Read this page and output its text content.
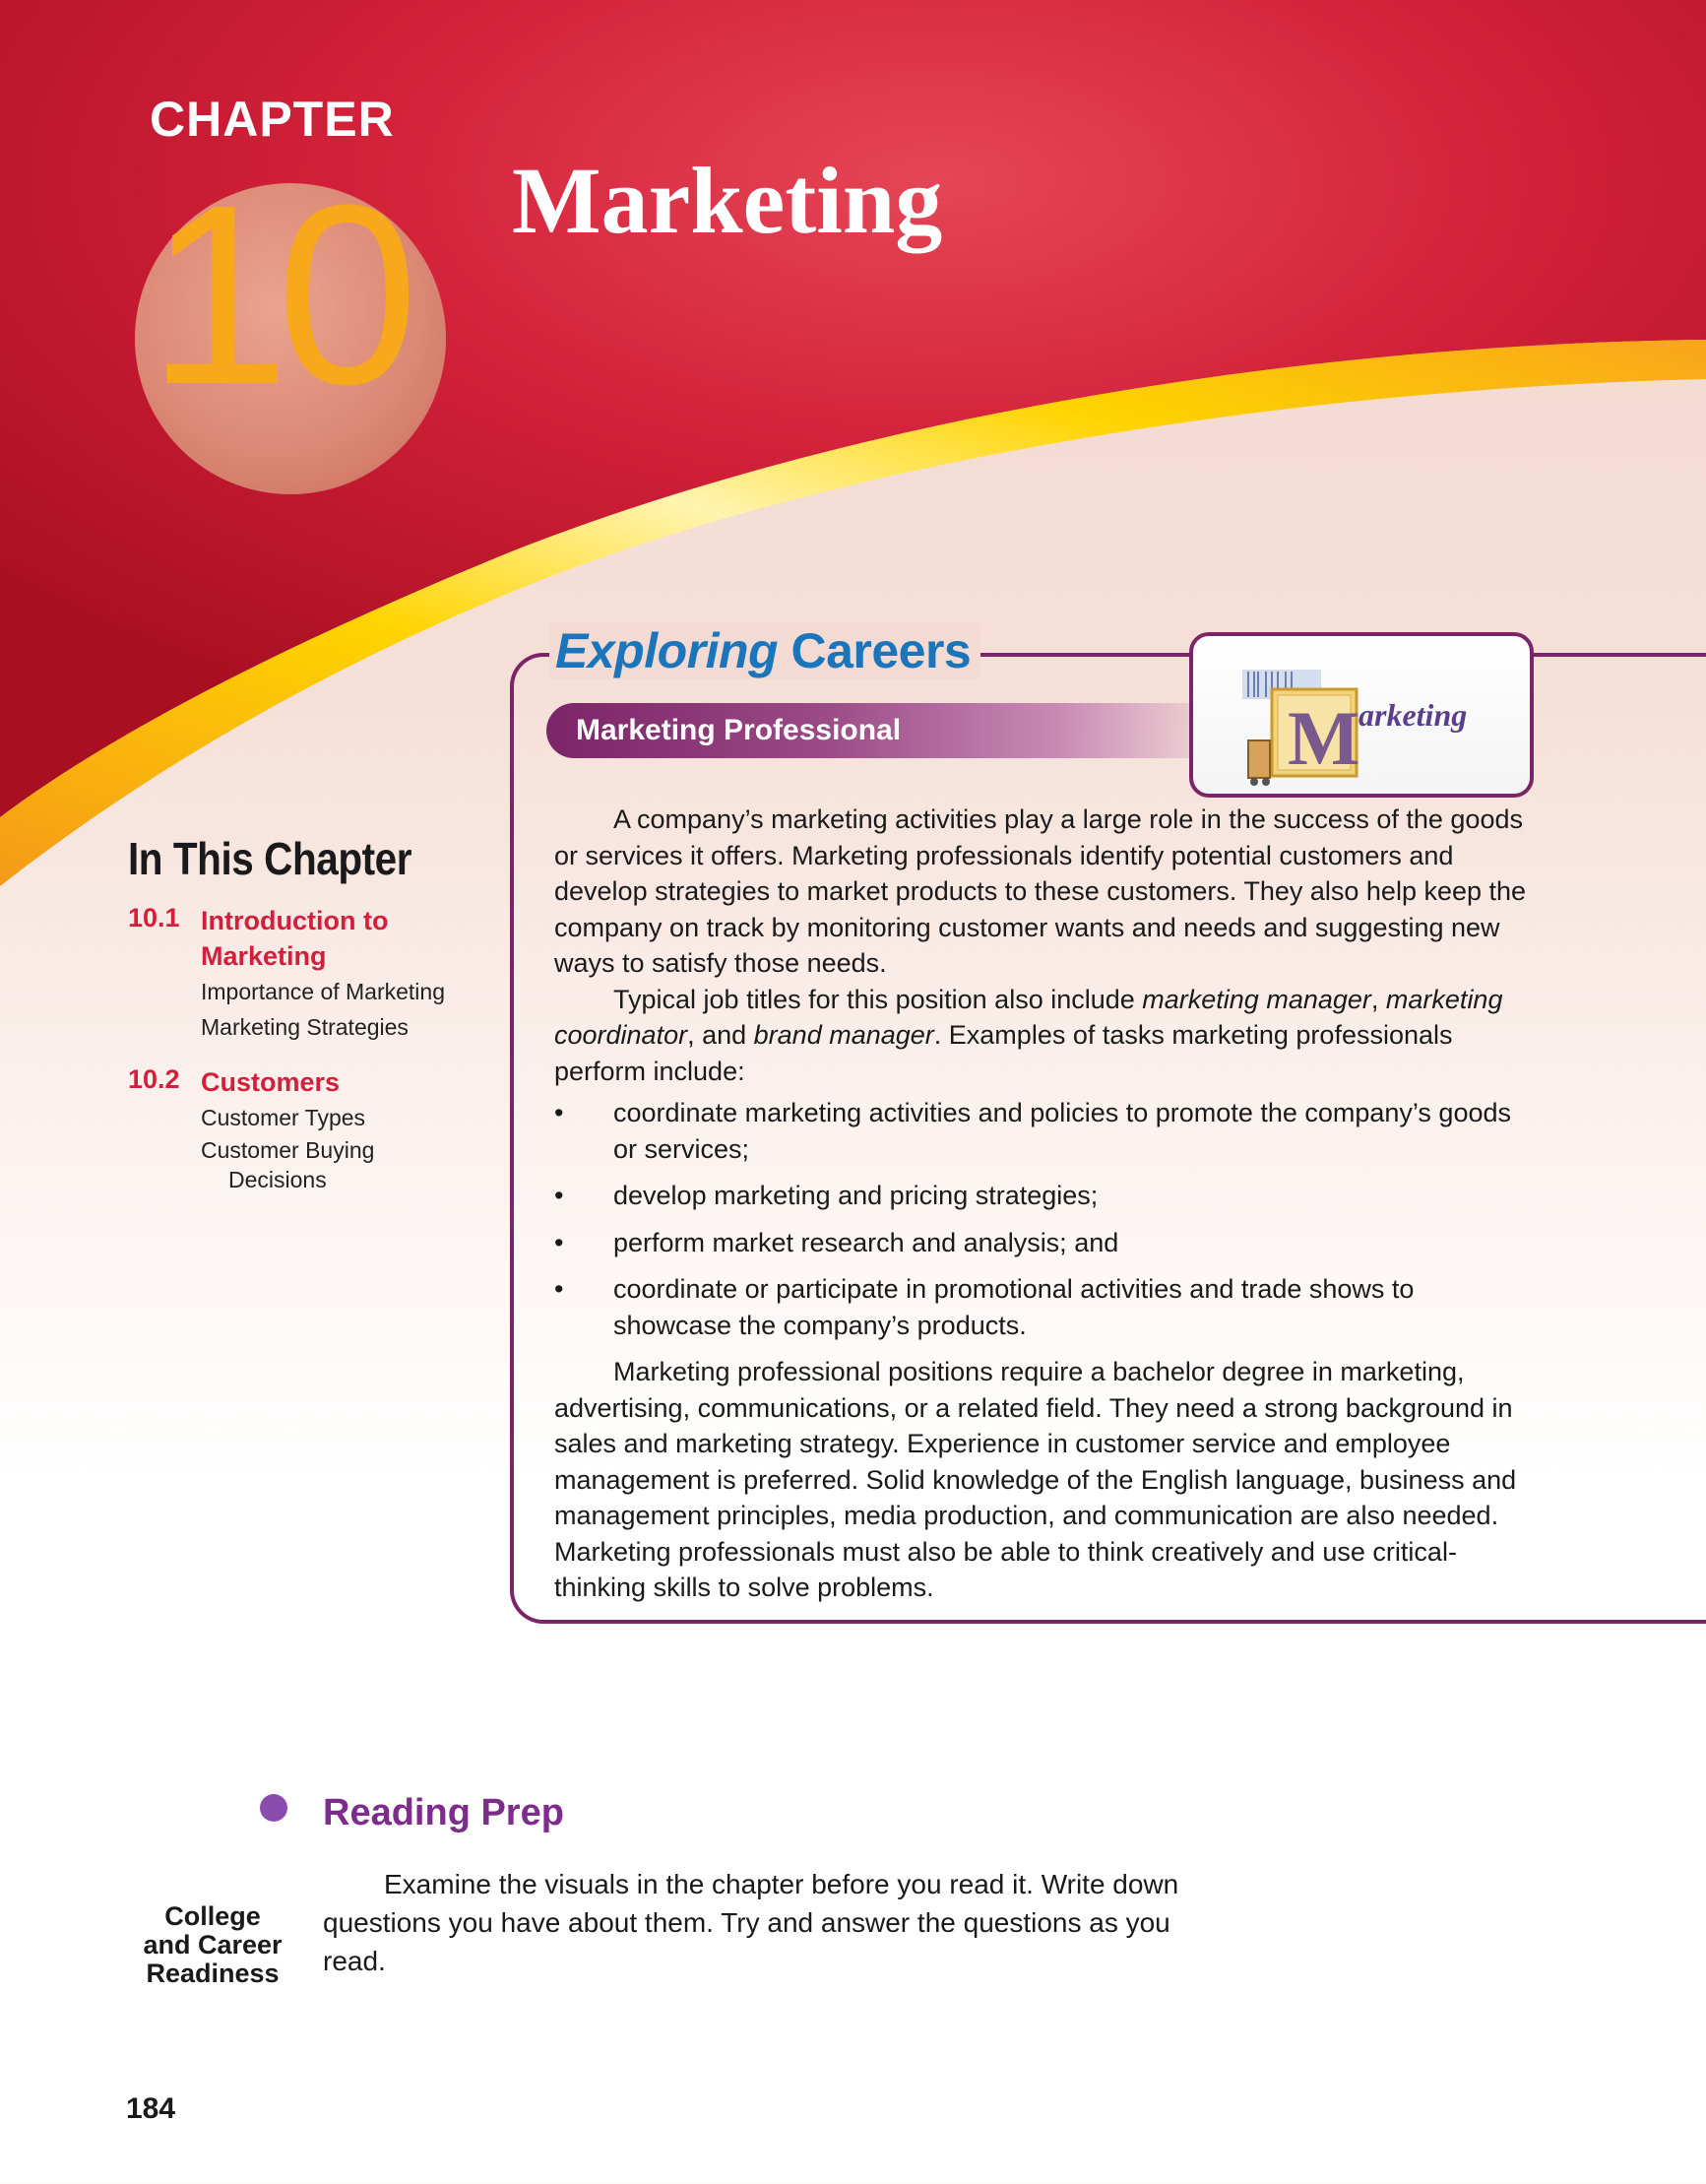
CHAPTER
10 Marketing
In This Chapter
10.1 Introduction to
Marketing
Importance of Marketing
Marketing Strategies
10.2 Customers
Customer Types
Customer Buying
Decisions
Exploring Careers
Marketing Professional	M
arketing

A company’s marketing activities play a large role in the success of the goods or services it offers. Marketing professionals identify potential customers and develop strategies to market products to these customers. They also help keep the company on track by monitoring customer wants and needs and suggesting new ways to satisfy those needs.

Typical job titles for this position also include marketing manager, marketing coordinator, and brand manager. Examples of tasks marketing professionals perform include:

• coordinate marketing activities and policies to promote the company’s goods or services;
• develop marketing and pricing strategies;
• perform market research and analysis; and
• coordinate or participate in promotional activities and trade shows to showcase the company’s products.

Marketing professional positions require a bachelor degree in marketing, advertising, communications, or a related field. They need a strong background in sales and marketing strategy. Experience in customer service and employee management is preferred. Solid knowledge of the English language, business and management principles, media production, and communication are also needed. Marketing professionals must also be able to think creatively and use critical-thinking skills to solve problems.

College
and Career
Readiness
Reading Prep

Examine the visuals in the chapter before you read it. Write down questions you have about them. Try and answer the questions as you read.

184
